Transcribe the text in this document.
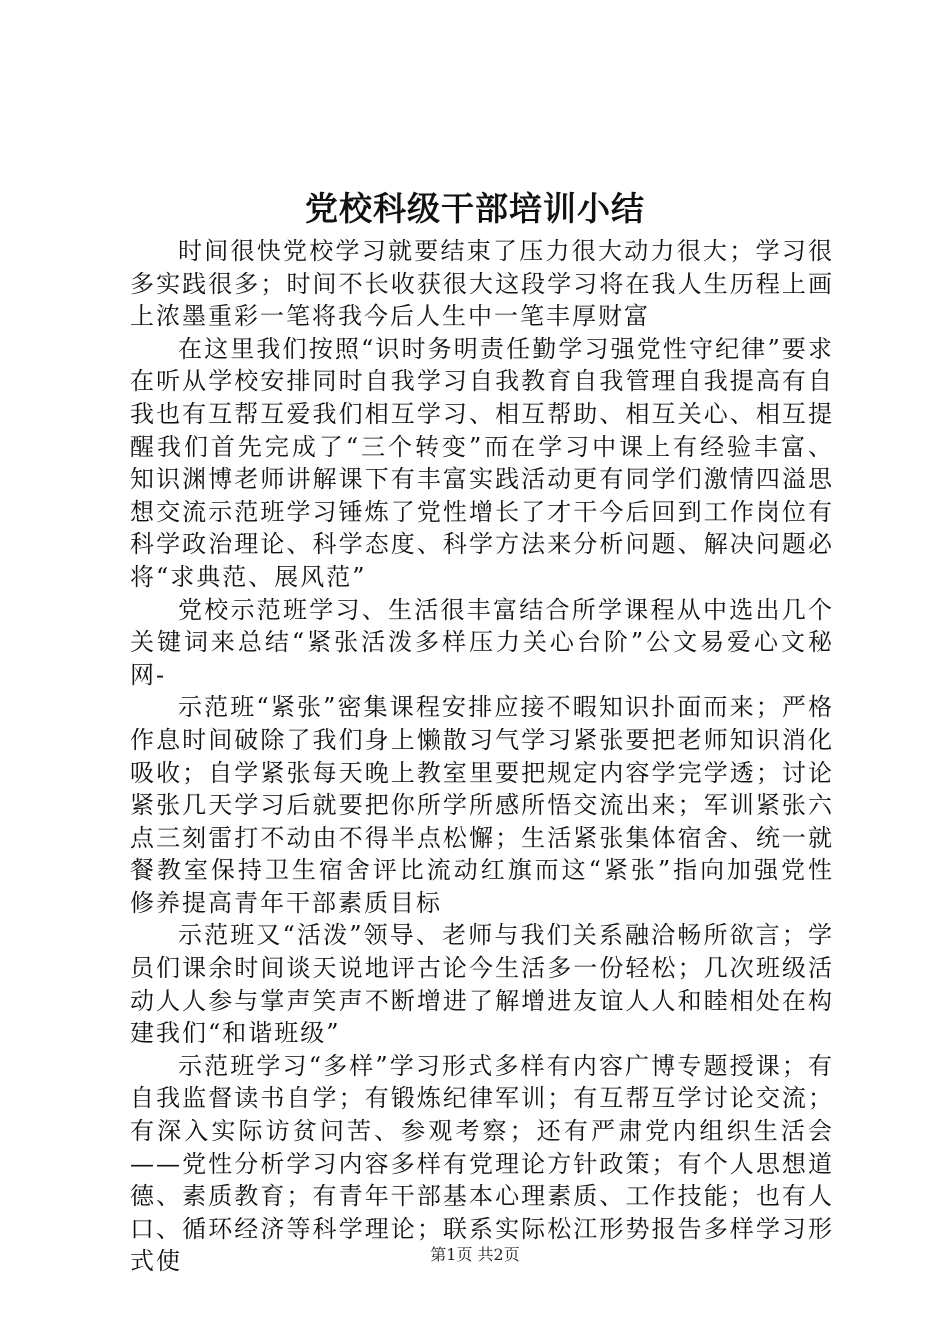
党校科级干部培训小结

时间很快党校学习就要结束了压力很大动力很大；学习很多实践很多；时间不长收获很大这段学习将在我人生历程上画上浓墨重彩一笔将我今后人生中一笔丰厚财富

在这里我们按照“识时务明责任勤学习强党性守纪律”要求在听从学校安排同时自我学习自我教育自我管理自我提高有自我也有互帮互爱我们相互学习、相互帮助、相互关心、相互提醒我们首先完成了“三个转变”而在学习中课上有经验丰富、知识渊博老师讲解课下有丰富实践活动更有同学们激情四溢思想交流示范班学习锤炼了党性增长了才干今后回到工作岗位有科学政治理论、科学态度、科学方法来分析问题、解决问题必将“求典范、展风范”

党校示范班学习、生活很丰富结合所学课程从中选出几个关键词来总结“紧张活泼多样压力关心台阶”公文易爱心文秘网-

示范班“紧张”密集课程安排应接不暇知识扑面而来；严格作息时间破除了我们身上懒散习气学习紧张要把老师知识消化吸收；自学紧张每天晚上教室里要把规定内容学完学透；讨论紧张几天学习后就要把你所学所感所悟交流出来；军训紧张六点三刻雷打不动由不得半点松懈；生活紧张集体宿舍、统一就餐教室保持卫生宿舍评比流动红旗而这“紧张”指向加强党性修养提高青年干部素质目标

示范班又“活泼”领导、老师与我们关系融洽畅所欲言；学员们课余时间谈天说地评古论今生活多一份轻松；几次班级活动人人参与掌声笑声不断增进了解增进友谊人人和睦相处在构建我们“和谐班级”

示范班学习“多样”学习形式多样有内容广博专题授课；有自我监督读书自学；有锻炼纪律军训；有互帮互学讨论交流；有深入实际访贫问苦、参观考察；还有严肃党内组织生活会——党性分析学习内容多样有党理论方针政策；有个人思想道德、素质教育；有青年干部基本心理素质、工作技能；也有人口、循环经济等科学理论；联系实际松江形势报告多样学习形式使	第1页 共2页
